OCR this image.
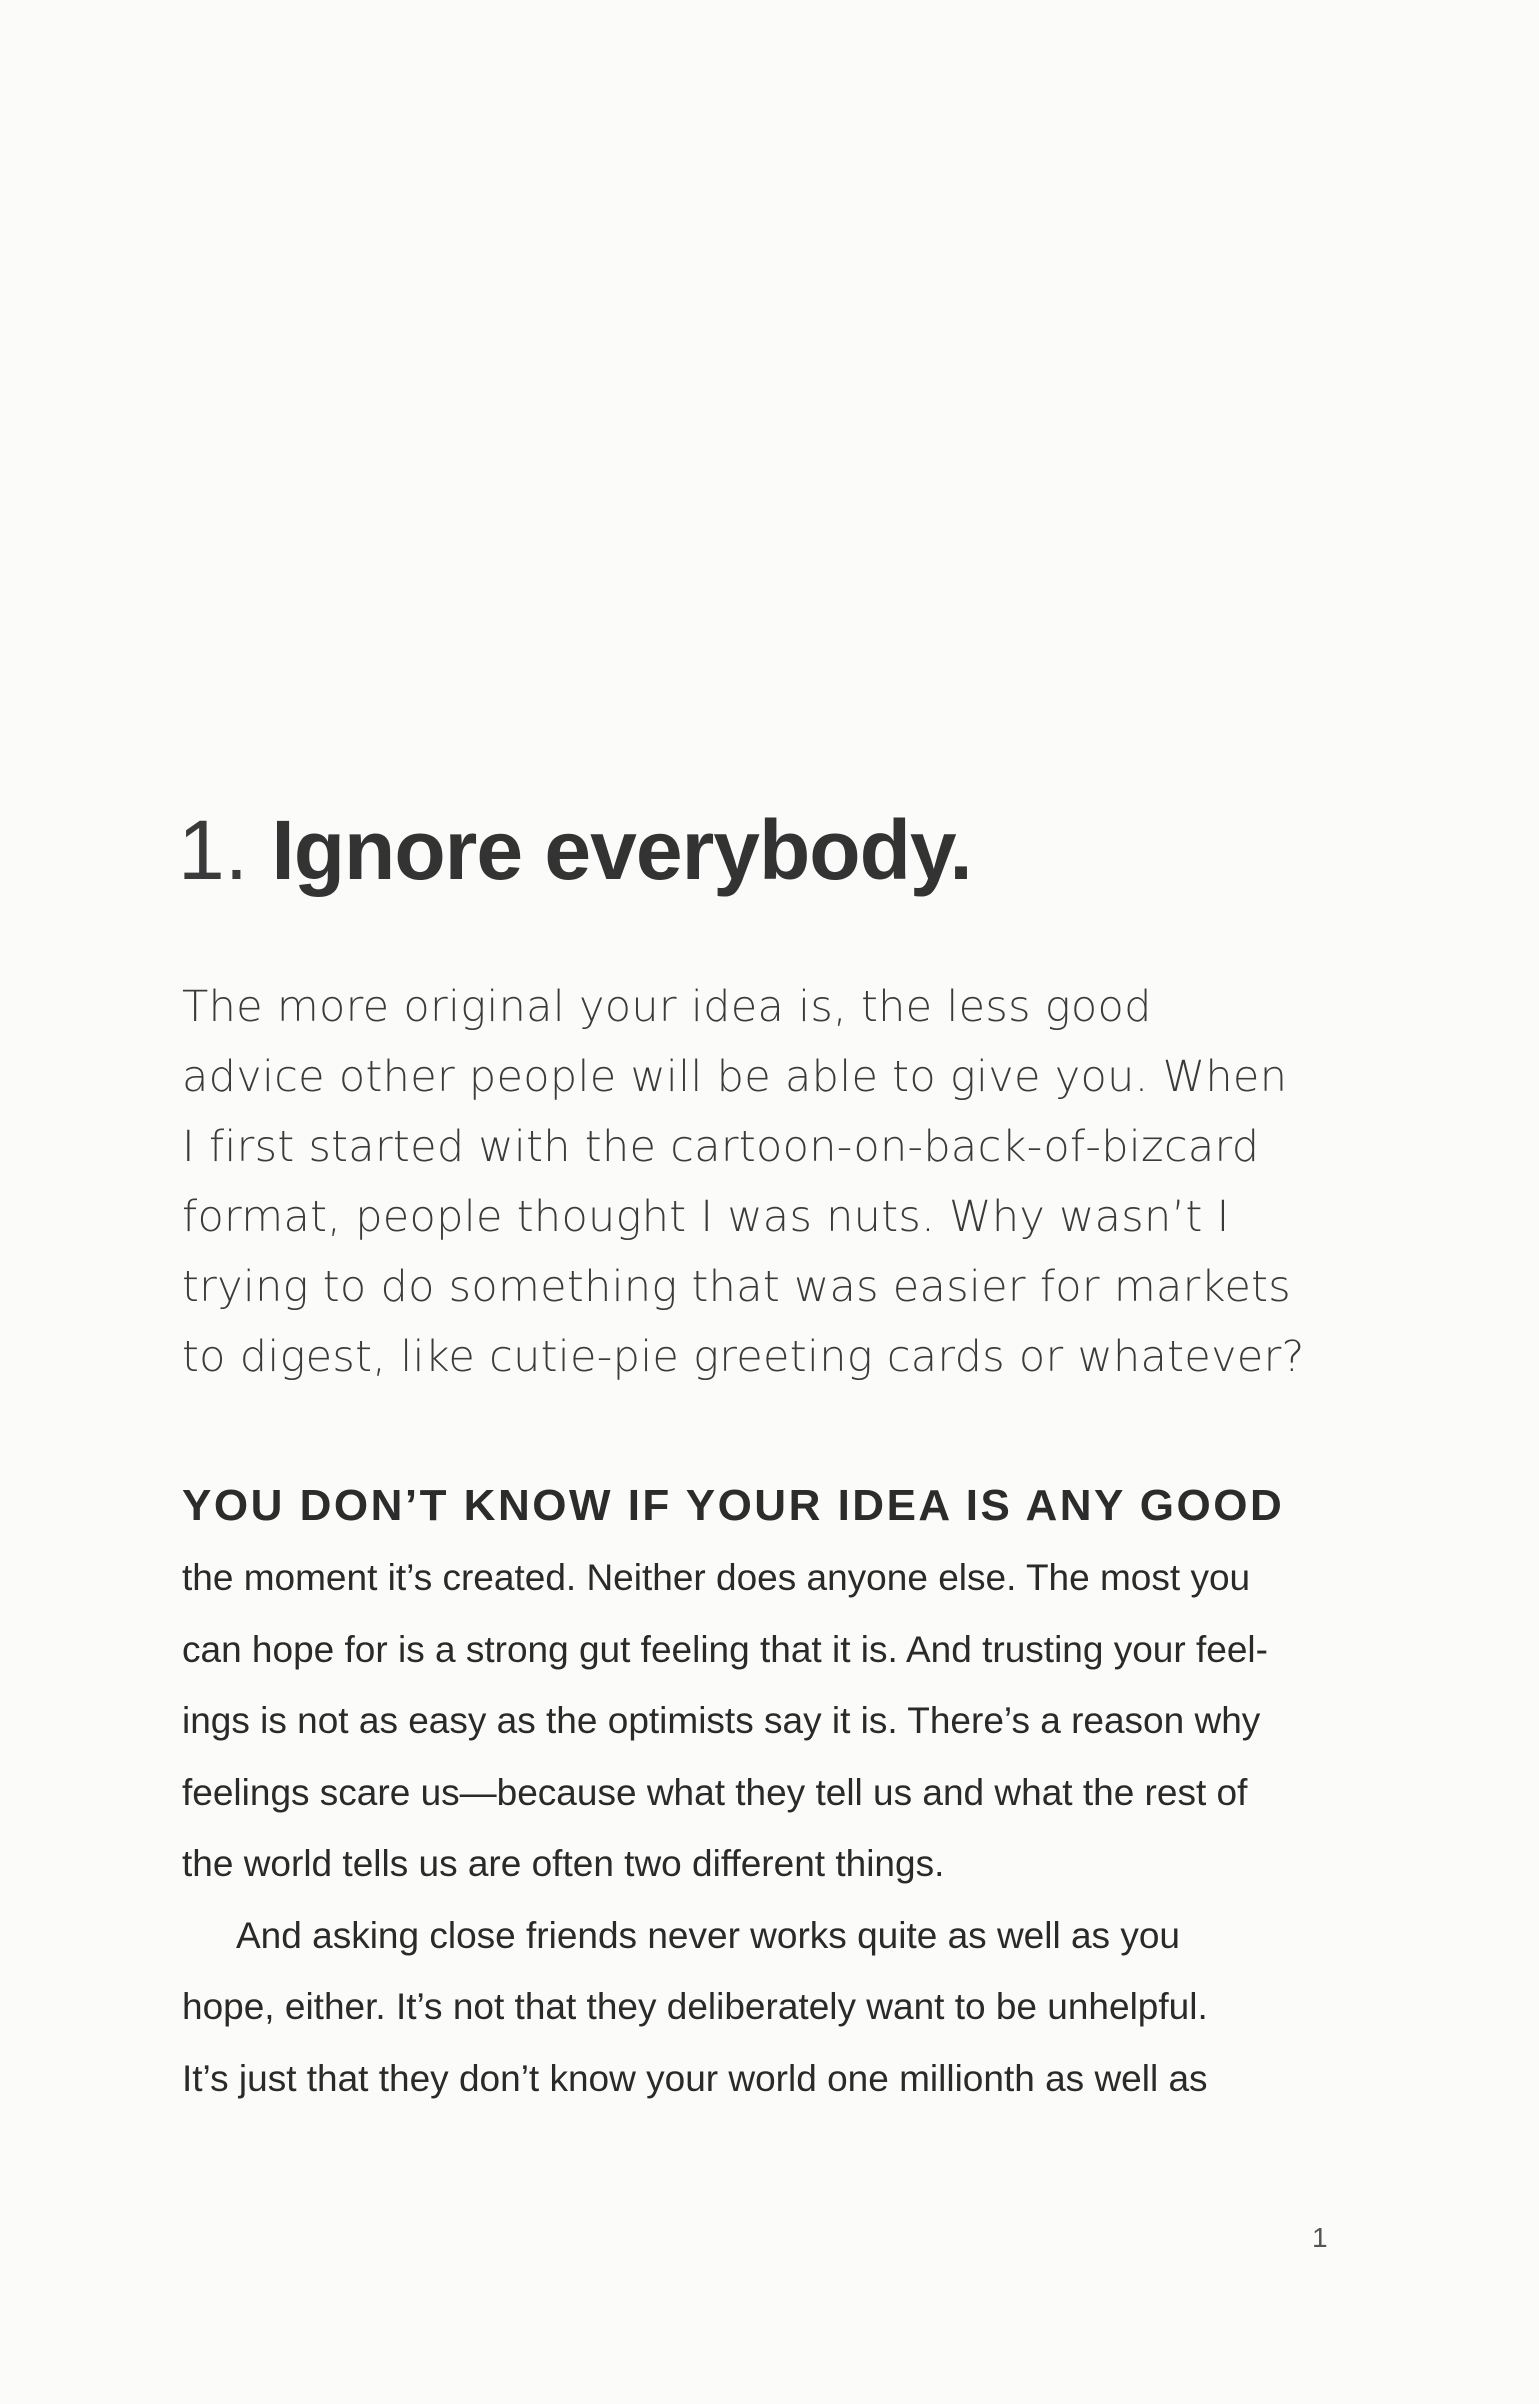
1. Ignore everybody.

The more original your idea is, the less good
advice other people will be able to give you. When
I first started with the cartoon-on-back-of-bizcard
format, people thought I was nuts. Why wasn’t I
trying to do something that was easier for markets
to digest, like cutie-pie greeting cards or whatever?

YOU DON’T KNOW IF YOUR IDEA IS ANY GOOD

the moment it’s created. Neither does anyone else. The most you
can hope for is a strong gut feeling that it is. And trusting your feel-
ings is not as easy as the optimists say it is. There’s a reason why
feelings scare us—because what they tell us and what the rest of
the world tells us are often two different things.

And asking close friends never works quite as well as you
hope, either. It’s not that they deliberately want to be unhelpful.
It’s just that they don’t know your world one millionth as well as

1
